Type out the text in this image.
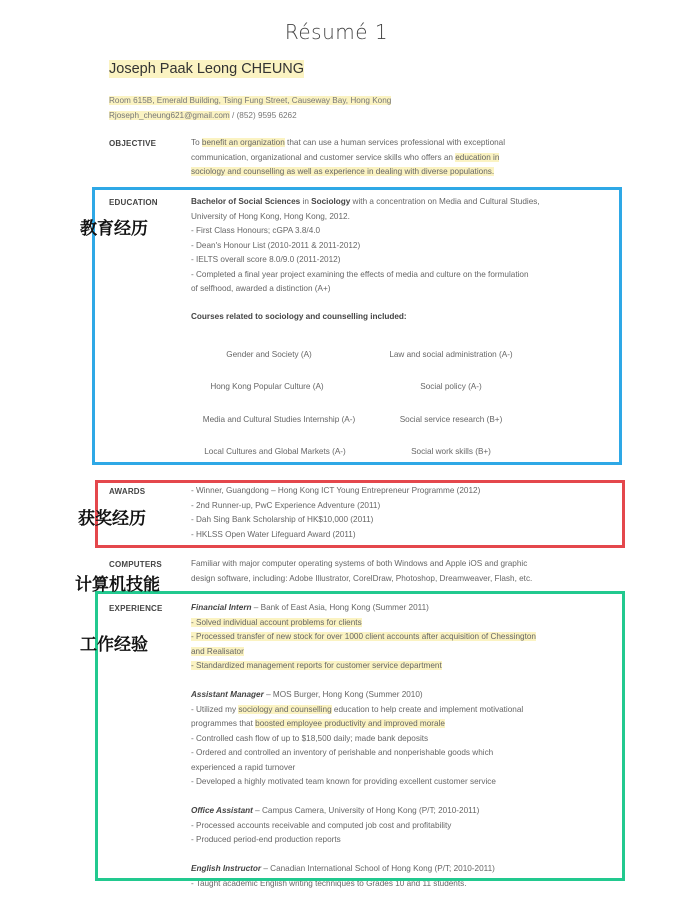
Résumé 1
Joseph Paak Leong CHEUNG
Room 615B, Emerald Building, Tsing Fung Street, Causeway Bay, Hong Kong
Rjoseph_cheung621@gmail.com / (852) 9595 6262
OBJECTIVE	To benefit an organization that can use a human services professional with exceptional
communication, organizational and customer service skills who offers an education in
sociology and counselling as well as experience in dealing with diverse populations.
EDUCATION	Bachelor of Social Sciences in Sociology with a concentration on Media and Cultural Studies,
University of Hong Kong, Hong Kong, 2012.
- First Class Honours; cGPA 3.8/4.0
- Dean's Honour List (2010-2011 & 2011-2012)
- IELTS overall score 8.0/9.0 (2011-2012)
- Completed a final year project examining the effects of media and culture on the formulation
of selfhood, awarded a distinction (A+)
Courses related to sociology and counselling included:
Gender and Society (A)	Law and social administration (A-)
Hong Kong Popular Culture (A)	Social policy (A-)
Media and Cultural Studies Internship (A-)	Social service research (B+)
Local Cultures and Global Markets (A-)	Social work skills (B+)
AWARDS	- Winner, Guangdong – Hong Kong ICT Young Entrepreneur Programme (2012)
- 2nd Runner-up, PwC Experience Adventure (2011)
- Dah Sing Bank Scholarship of HK$10,000 (2011)
- HKLSS Open Water Lifeguard Award (2011)
COMPUTERS	Familiar with major computer operating systems of both Windows and Apple iOS and graphic
design software, including: Adobe Illustrator, CorelDraw, Photoshop, Dreamweaver, Flash, etc.
EXPERIENCE	Financial Intern – Bank of East Asia, Hong Kong (Summer 2011)
- Solved individual account problems for clients
- Processed transfer of new stock for over 1000 client accounts after acquisition of Chessington
and Realisator
- Standardized management reports for customer service department

Assistant Manager – MOS Burger, Hong Kong (Summer 2010)
- Utilized my sociology and counselling education to help create and implement motivational
programmes that boosted employee productivity and improved morale
- Controlled cash flow of up to $18,500 daily; made bank deposits
- Ordered and controlled an inventory of perishable and nonperishable goods which
experienced a rapid turnover
- Developed a highly motivated team known for providing excellent customer service

Office Assistant – Campus Camera, University of Hong Kong (P/T; 2010-2011)
- Processed accounts receivable and computed job cost and profitability
- Produced period-end production reports

English Instructor – Canadian International School of Hong Kong (P/T; 2010-2011)
- Taught academic English writing techniques to Grades 10 and 11 students.
教育经历
获奖经历
计算机技能
工作经验
